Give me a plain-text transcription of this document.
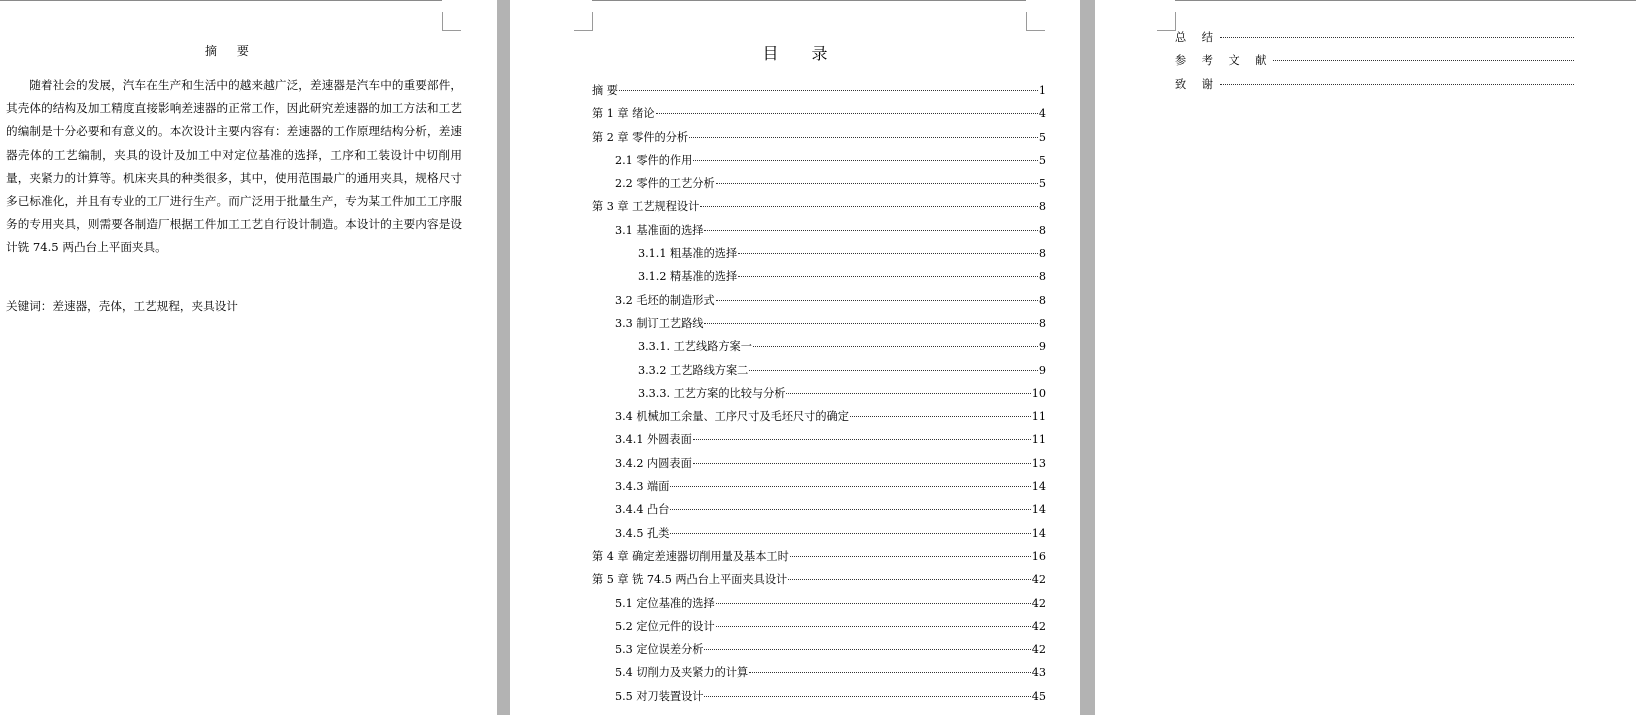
摘 要
随着社会的发展，汽车在生产和生活中的越来越广泛，差速器是汽车中的重要部件，其壳体的结构及加工精度直接影响差速器的正常工作，因此研究差速器的加工方法和工艺的编制是十分必要和有意义的。本次设计主要内容有：差速器的工作原理结构分析，差速器壳体的工艺编制，夹具的设计及加工中对定位基准的选择，工序和工装设计中切削用量，夹紧力的计算等。机床夹具的种类很多，其中，使用范围最广的通用夹具，规格尺寸多已标准化，并且有专业的工厂进行生产。而广泛用于批量生产，专为某工件加工工序服务的专用夹具，则需要各制造厂根据工件加工工艺自行设计制造。本设计的主要内容是设计铣 74.5 两凸台上平面夹具。
关键词：差速器，壳体，工艺规程，夹具设计
目 录
摘 要	1
第 1 章 绪论	4
第 2 章 零件的分析	5
2.1 零件的作用	5
2.2 零件的工艺分析	5
第 3 章 工艺规程设计	8
3.1 基准面的选择	8
3.1.1 粗基准的选择	8
3.1.2 精基准的选择	8
3.2 毛坯的制造形式	8
3.3 制订工艺路线	8
3.3.1. 工艺线路方案一	9
3.3.2 工艺路线方案二	9
3.3.3. 工艺方案的比较与分析	10
3.4 机械加工余量、工序尺寸及毛坯尺寸的确定	11
3.4.1 外圆表面	11
3.4.2 内圆表面	13
3.4.3 端面	14
3.4.4 凸台	14
3.4.5 孔类	14
第 4 章 确定差速器切削用量及基本工时	16
第 5 章 铣 74.5 两凸台上平面夹具设计	42
5.1 定位基准的选择	42
5.2 定位元件的设计	42
5.3 定位误差分析	42
5.4 切削力及夹紧力的计算	43
5.5 对刀装置设计	45
总 结
参 考 文 献
致 谢
